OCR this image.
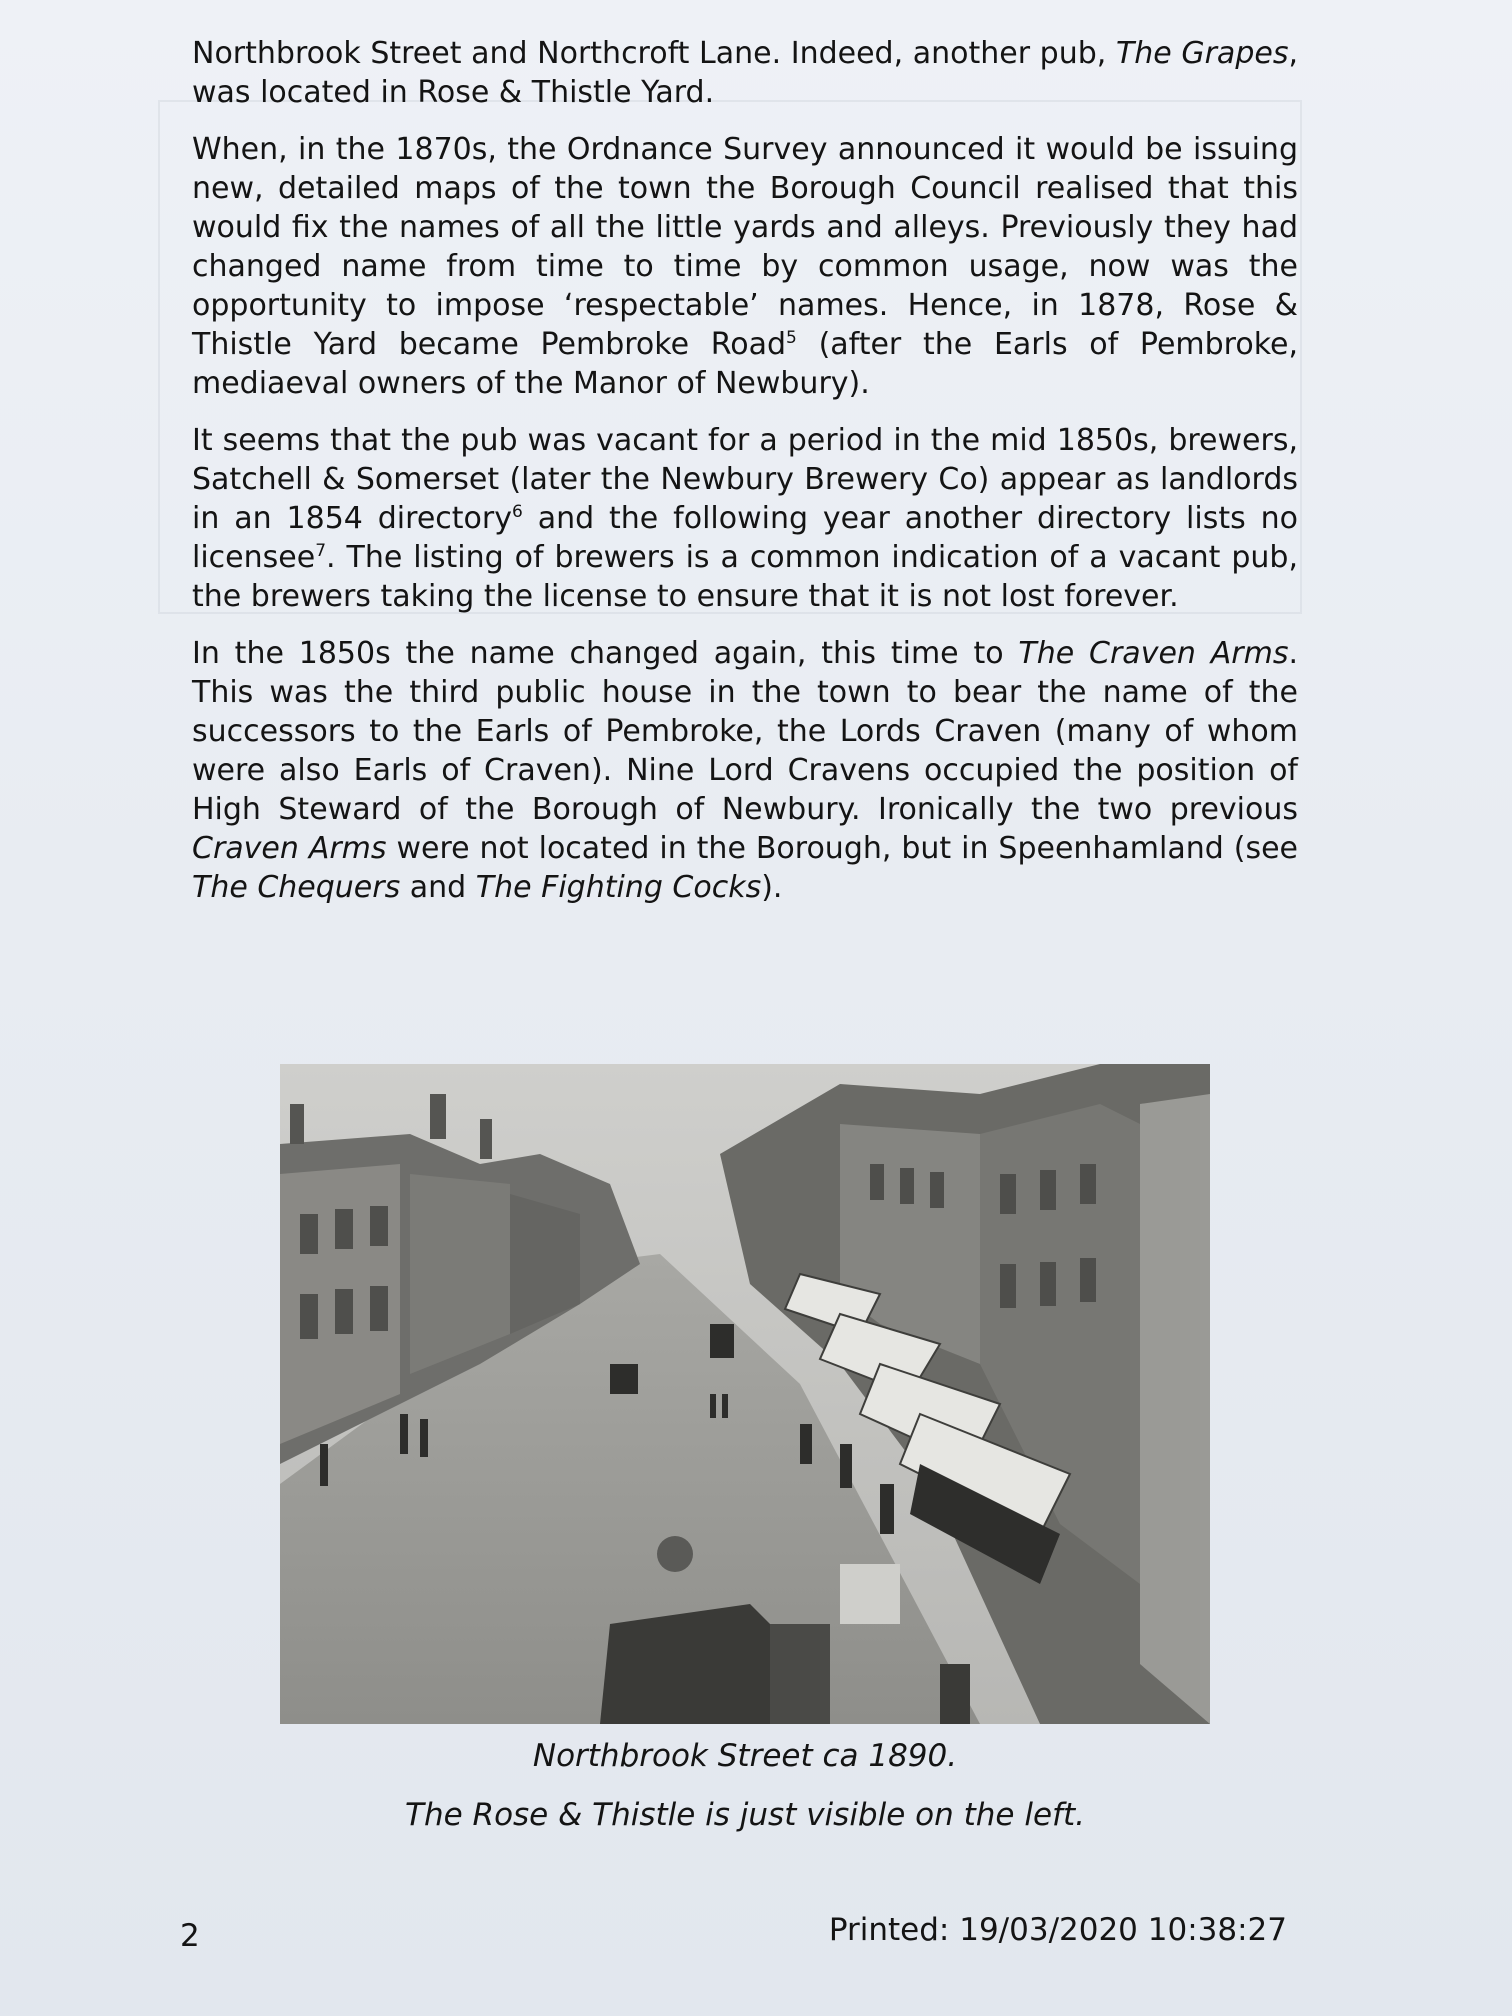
Northbrook Street and Northcroft Lane. Indeed, another pub, The Grapes, was located in Rose & Thistle Yard.

When, in the 1870s, the Ordnance Survey announced it would be issuing new, detailed maps of the town the Borough Council realised that this would fix the names of all the little yards and alleys. Previously they had changed name from time to time by common usage, now was the opportunity to impose ‘respectable’ names. Hence, in 1878, Rose & Thistle Yard became Pembroke Road$^5$ (after the Earls of Pembroke, mediaeval owners of the Manor of Newbury).

It seems that the pub was vacant for a period in the mid 1850s, brewers, Satchell & Somerset (later the Newbury Brewery Co) appear as landlords in an 1854 directory$^6$ and the following year another directory lists no licensee$^7$. The listing of brewers is a common indication of a vacant pub, the brewers taking the license to ensure that it is not lost forever.

In the 1850s the name changed again, this time to The Craven Arms. This was the third public house in the town to bear the name of the successors to the Earls of Pembroke, the Lords Craven (many of whom were also Earls of Craven). Nine Lord Cravens occupied the position of High Steward of the Borough of Newbury. Ironically the two previous Craven Arms were not located in the Borough, but in Speenhamland (see The Chequers and The Fighting Cocks).

Northbrook Street ca 1890.
The Rose & Thistle is just visible on the left.
2	Printed: 19/03/2020 10:38:27
